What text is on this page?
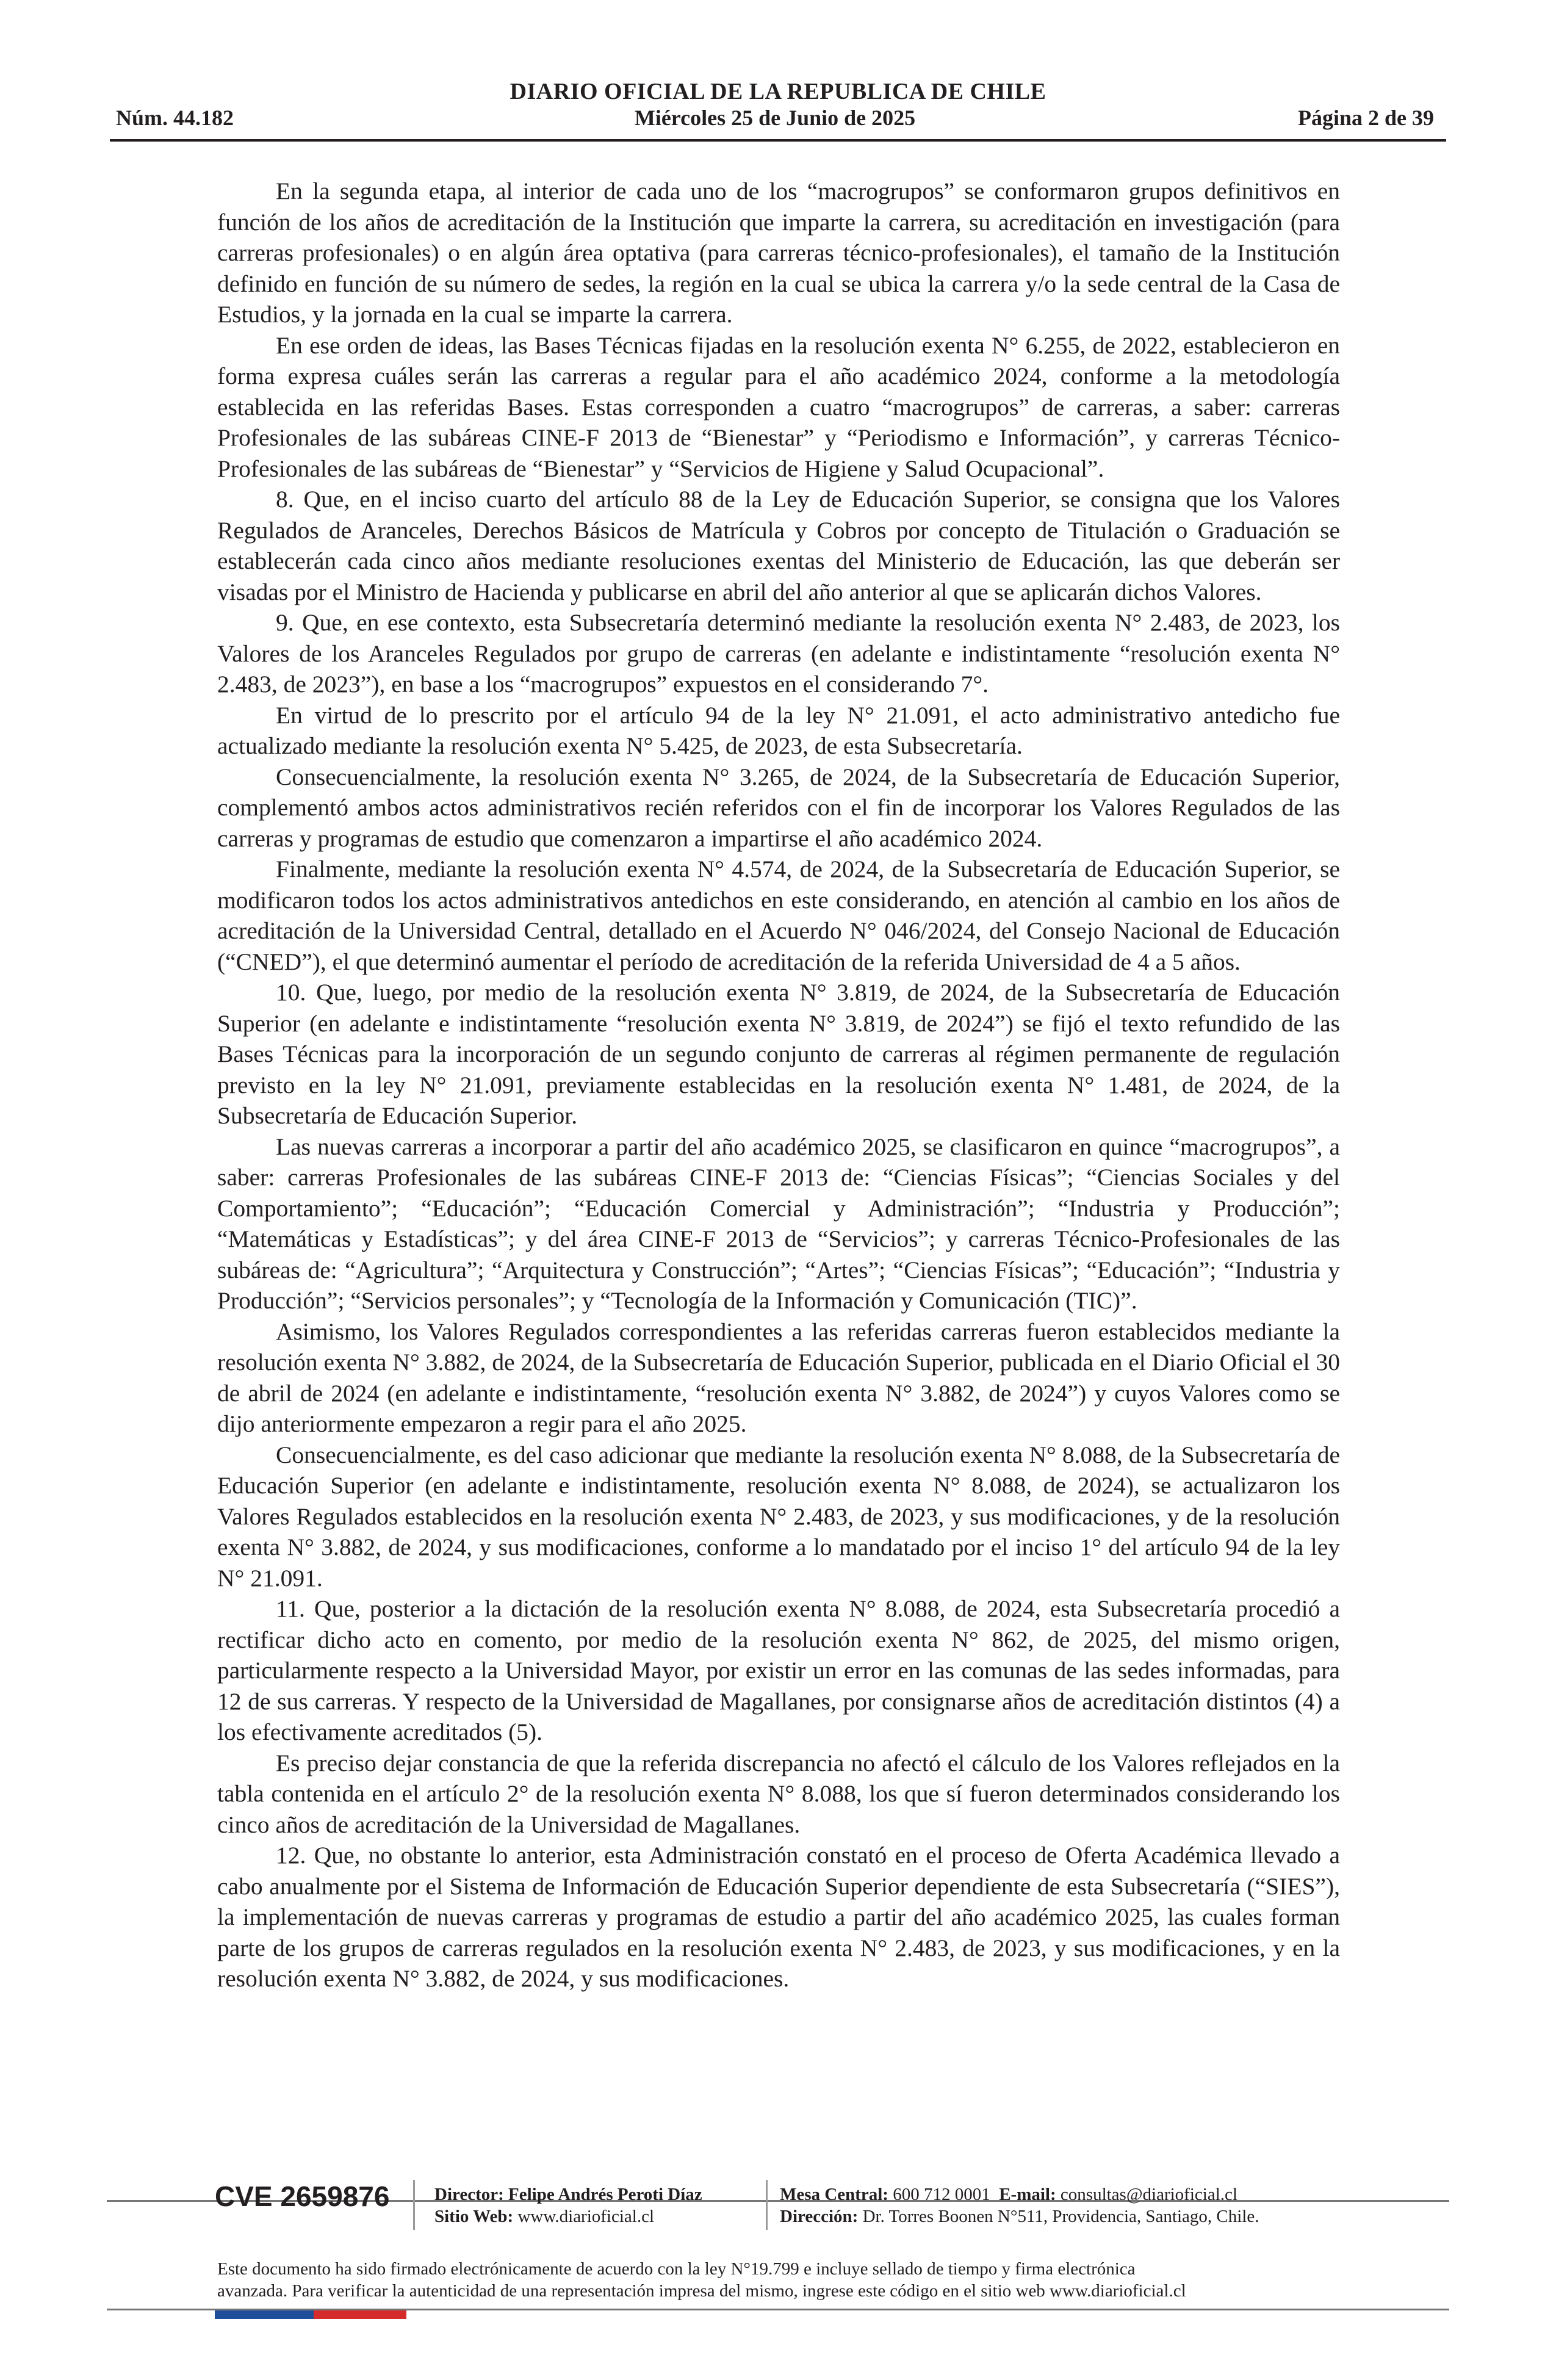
DIARIO OFICIAL DE LA REPUBLICA DE CHILE
Núm. 44.182	Miércoles 25 de Junio de 2025	Página 2 de 39

En la segunda etapa, al interior de cada uno de los “macrogrupos” se conformaron grupos definitivos en función de los años de acreditación de la Institución que imparte la carrera, su acreditación en investigación (para carreras profesionales) o en algún área optativa (para carreras técnico-profesionales), el tamaño de la Institución definido en función de su número de sedes, la región en la cual se ubica la carrera y/o la sede central de la Casa de Estudios, y la jornada en la cual se imparte la carrera.

En ese orden de ideas, las Bases Técnicas fijadas en la resolución exenta N° 6.255, de 2022, establecieron en forma expresa cuáles serán las carreras a regular para el año académico 2024, conforme a la metodología establecida en las referidas Bases. Estas corresponden a cuatro “macrogrupos” de carreras, a saber: carreras Profesionales de las subáreas CINE-F 2013 de “Bienestar” y “Periodismo e Información”, y carreras Técnico-Profesionales de las subáreas de “Bienestar” y “Servicios de Higiene y Salud Ocupacional”.

8. Que, en el inciso cuarto del artículo 88 de la Ley de Educación Superior, se consigna que los Valores Regulados de Aranceles, Derechos Básicos de Matrícula y Cobros por concepto de Titulación o Graduación se establecerán cada cinco años mediante resoluciones exentas del Ministerio de Educación, las que deberán ser visadas por el Ministro de Hacienda y publicarse en abril del año anterior al que se aplicarán dichos Valores.

9. Que, en ese contexto, esta Subsecretaría determinó mediante la resolución exenta N° 2.483, de 2023, los Valores de los Aranceles Regulados por grupo de carreras (en adelante e indistintamente “resolución exenta N° 2.483, de 2023”), en base a los “macrogrupos” expuestos en el considerando 7°.

En virtud de lo prescrito por el artículo 94 de la ley N° 21.091, el acto administrativo antedicho fue actualizado mediante la resolución exenta N° 5.425, de 2023, de esta Subsecretaría.

Consecuencialmente, la resolución exenta N° 3.265, de 2024, de la Subsecretaría de Educación Superior, complementó ambos actos administrativos recién referidos con el fin de incorporar los Valores Regulados de las carreras y programas de estudio que comenzaron a impartirse el año académico 2024.

Finalmente, mediante la resolución exenta N° 4.574, de 2024, de la Subsecretaría de Educación Superior, se modificaron todos los actos administrativos antedichos en este considerando, en atención al cambio en los años de acreditación de la Universidad Central, detallado en el Acuerdo N° 046/2024, del Consejo Nacional de Educación (“CNED”), el que determinó aumentar el período de acreditación de la referida Universidad de 4 a 5 años.

10. Que, luego, por medio de la resolución exenta N° 3.819, de 2024, de la Subsecretaría de Educación Superior (en adelante e indistintamente “resolución exenta N° 3.819, de 2024”) se fijó el texto refundido de las Bases Técnicas para la incorporación de un segundo conjunto de carreras al régimen permanente de regulación previsto en la ley N° 21.091, previamente establecidas en la resolución exenta N° 1.481, de 2024, de la Subsecretaría de Educación Superior.

Las nuevas carreras a incorporar a partir del año académico 2025, se clasificaron en quince “macrogrupos”, a saber: carreras Profesionales de las subáreas CINE-F 2013 de: “Ciencias Físicas”; “Ciencias Sociales y del Comportamiento”; “Educación”; “Educación Comercial y Administración”; “Industria y Producción”; “Matemáticas y Estadísticas”; y del área CINE-F 2013 de “Servicios”; y carreras Técnico-Profesionales de las subáreas de: “Agricultura”; “Arquitectura y Construcción”; “Artes”; “Ciencias Físicas”; “Educación”; “Industria y Producción”; “Servicios personales”; y “Tecnología de la Información y Comunicación (TIC)”.

Asimismo, los Valores Regulados correspondientes a las referidas carreras fueron establecidos mediante la resolución exenta N° 3.882, de 2024, de la Subsecretaría de Educación Superior, publicada en el Diario Oficial el 30 de abril de 2024 (en adelante e indistintamente, “resolución exenta N° 3.882, de 2024”) y cuyos Valores como se dijo anteriormente empezaron a regir para el año 2025.

Consecuencialmente, es del caso adicionar que mediante la resolución exenta N° 8.088, de la Subsecretaría de Educación Superior (en adelante e indistintamente, resolución exenta N° 8.088, de 2024), se actualizaron los Valores Regulados establecidos en la resolución exenta N° 2.483, de 2023, y sus modificaciones, y de la resolución exenta N° 3.882, de 2024, y sus modificaciones, conforme a lo mandatado por el inciso 1° del artículo 94 de la ley N° 21.091.

11. Que, posterior a la dictación de la resolución exenta N° 8.088, de 2024, esta Subsecretaría procedió a rectificar dicho acto en comento, por medio de la resolución exenta N° 862, de 2025, del mismo origen, particularmente respecto a la Universidad Mayor, por existir un error en las comunas de las sedes informadas, para 12 de sus carreras. Y respecto de la Universidad de Magallanes, por consignarse años de acreditación distintos (4) a los efectivamente acreditados (5).

Es preciso dejar constancia de que la referida discrepancia no afectó el cálculo de los Valores reflejados en la tabla contenida en el artículo 2° de la resolución exenta N° 8.088, los que sí fueron determinados considerando los cinco años de acreditación de la Universidad de Magallanes.

12. Que, no obstante lo anterior, esta Administración constató en el proceso de Oferta Académica llevado a cabo anualmente por el Sistema de Información de Educación Superior dependiente de esta Subsecretaría (“SIES”), la implementación de nuevas carreras y programas de estudio a partir del año académico 2025, las cuales forman parte de los grupos de carreras regulados en la resolución exenta N° 2.483, de 2023, y sus modificaciones, y en la resolución exenta N° 3.882, de 2024, y sus modificaciones.

CVE 2659876	Director: Felipe Andrés Peroti Díaz
Sitio Web: www.diarioficial.cl
Mesa Central: 600 712 0001 E-mail: consultas@diarioficial.cl
Dirección: Dr. Torres Boonen N°511, Providencia, Santiago, Chile.
Este documento ha sido firmado electrónicamente de acuerdo con la ley N°19.799 e incluye sellado de tiempo y firma electrónica
avanzada. Para verificar la autenticidad de una representación impresa del mismo, ingrese este código en el sitio web www.diarioficial.cl
